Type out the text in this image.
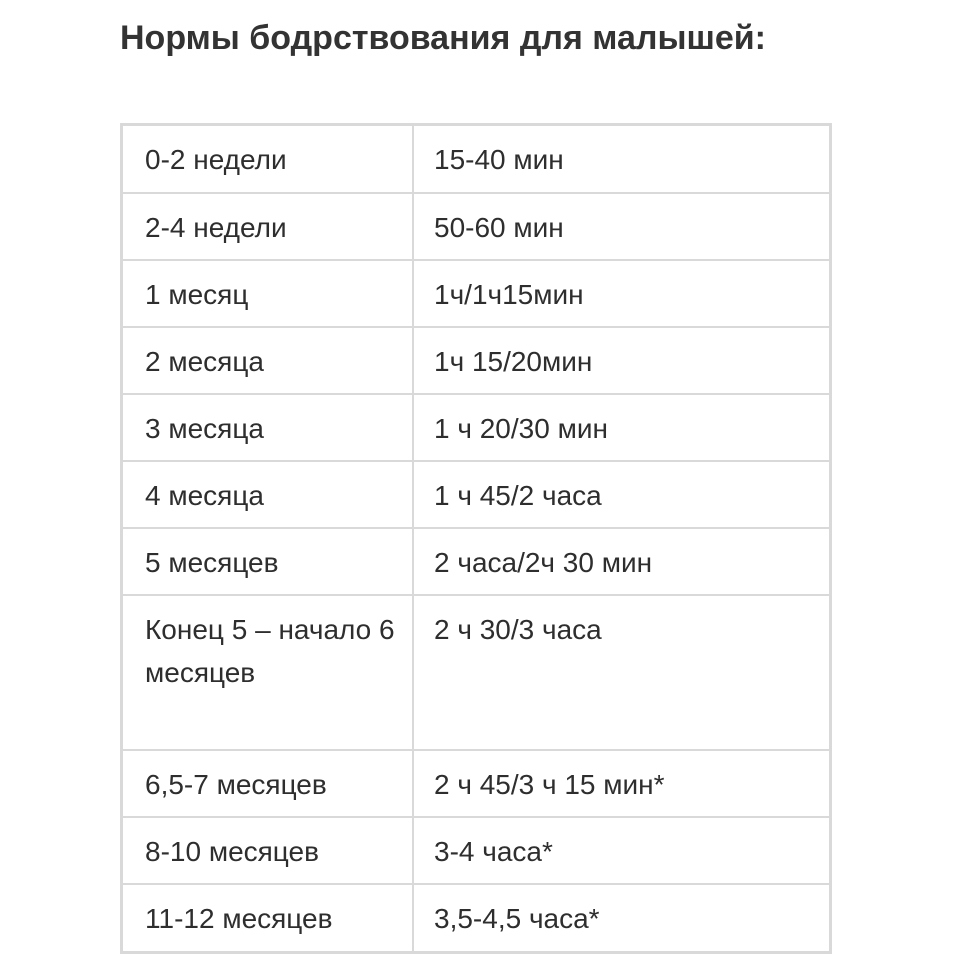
Нормы бодрствования для малышей:
0-2 недели	15-40 мин
2-4 недели	50-60 мин
1 месяц	1ч/1ч15мин
2 месяца	1ч 15/20мин
3 месяца	1 ч 20/30 мин
4 месяца	1 ч 45/2 часа
5 месяцев	2 часа/2ч 30 мин
Конец 5 – начало 6 месяцев	2 ч 30/3 часа
6,5-7 месяцев	2 ч 45/3 ч 15 мин*
8-10 месяцев	3-4 часа*
11-12 месяцев	3,5-4,5 часа*
